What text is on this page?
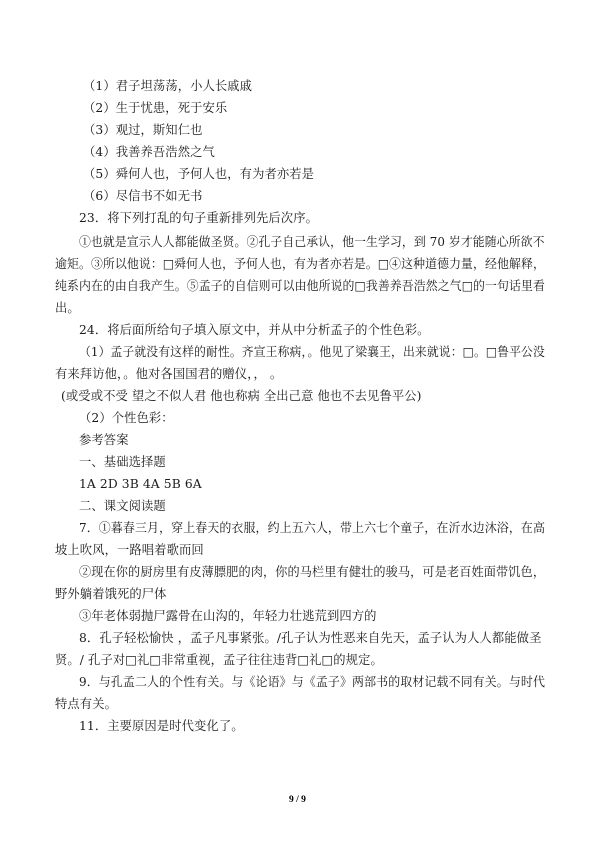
（1）君子坦荡荡，小人长戚戚
（2）生于忧患，死于安乐
（3）观过，斯知仁也
（4）我善养吾浩然之气
（5）舜何人也，予何人也，有为者亦若是
（6）尽信书不如无书
23．将下列打乱的句子重新排列先后次序。
①也就是宣示人人都能做圣贤。②孔子自己承认，他一生学习，到 70 岁才能随心所欲不
逾矩。③所以他说：□舜何人也，予何人也，有为者亦若是。□④这种道德力量，经他解释，
纯系内在的由自我产生。⑤孟子的自信则可以由他所说的□我善养吾浩然之气□的一句话里看
出。
24．将后面所给句子填入原文中，并从中分析孟子的个性色彩。
（1）孟子就没有这样的耐性。齐宣王称病，。他见了梁襄王，出来就说：□。□鲁平公没
有来拜访他，。他对各国国君的赠仪，， 。
(或受或不受 望之不似人君 他也称病 全出己意 他也不去见鲁平公)
（2）个性色彩：
参考答案
一、基础选择题
1A 2D 3B 4A 5B 6A
二、课文阅读题
7．①暮春三月，穿上春天的衣服，约上五六人，带上六七个童子，在沂水边沐浴，在高
坡上吹风，一路唱着歌而回
②现在你的厨房里有皮薄膘肥的肉，你的马栏里有健壮的骏马，可是老百姓面带饥色，
野外躺着饿死的尸体
③年老体弱抛尸露骨在山沟的，年轻力壮逃荒到四方的
8．孔子轻松愉快 ，孟子凡事紧张。/孔子认为性恶来自先天，孟子认为人人都能做圣
贤。/ 孔子对□礼□非常重视，孟子往往违背□礼□的规定。
9．与孔孟二人的个性有关。与《论语》与《孟子》两部书的取材记载不同有关。与时代
特点有关。
11．主要原因是时代变化了。
9 / 9
